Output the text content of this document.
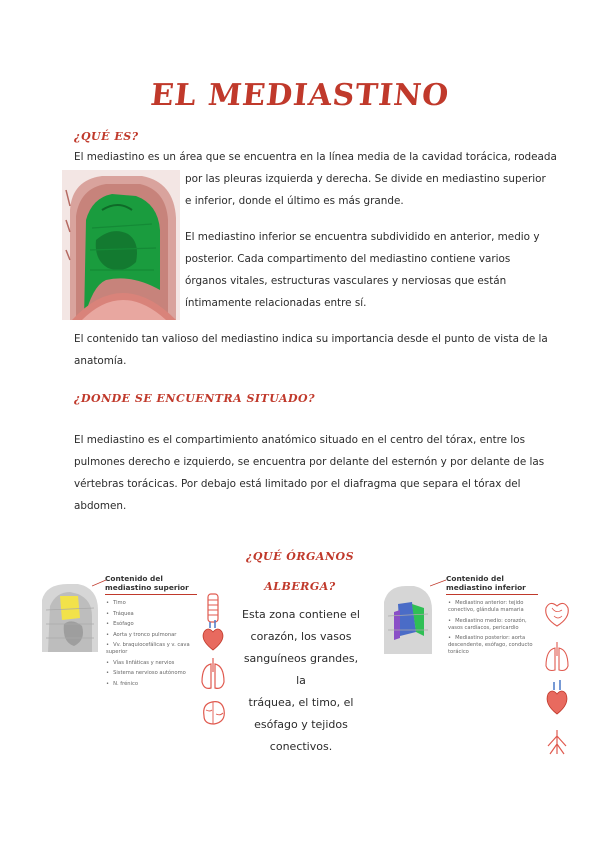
EL MEDIASTINO
¿QUÉ ES?
El mediastino es un área que se encuentra en la línea media de la cavidad torácica, rodeada
por las pleuras izquierda y derecha. Se divide en mediastino superior
e inferior, donde el último es más grande.
El mediastino inferior se encuentra subdividido en anterior, medio y
posterior. Cada compartimento del mediastino contiene varios
órganos vitales, estructuras vasculares y nerviosas que están
íntimamente relacionadas entre sí.
El contenido tan valioso del mediastino indica su importancia desde el punto de vista de la
anatomía.
¿DONDE SE ENCUENTRA SITUADO?
El mediastino es el compartimiento anatómico situado en el centro del tórax, entre los
pulmones derecho e izquierdo, se encuentra por delante del esternón y por delante de las
vértebras torácicas. Por debajo está limitado por el diafragma que separa el tórax del
abdomen.
¿QUÉ ÓRGANOS
ALBERGA?
Esta zona contiene el
corazón, los vasos
sanguíneos grandes, la
tráquea, el timo, el
esófago y tejidos
conectivos.
Contenido del
mediastino superior
• Timo
• Tráquea
• Esófago
• Aorta y tronco pulmonar
• Vv. braquiocefálicas y v. cava superior
• Vías linfáticas y nervios
• Sistema nervioso autónomo
• N. frénico
Contenido del
mediastino inferior
• Mediastino anterior: tejido conectivo, glándula mamaria
• Mediastino medio: corazón, vasos cardíacos, pericardio
• Mediastino posterior: aorta descendente, esófago, conducto torácico
